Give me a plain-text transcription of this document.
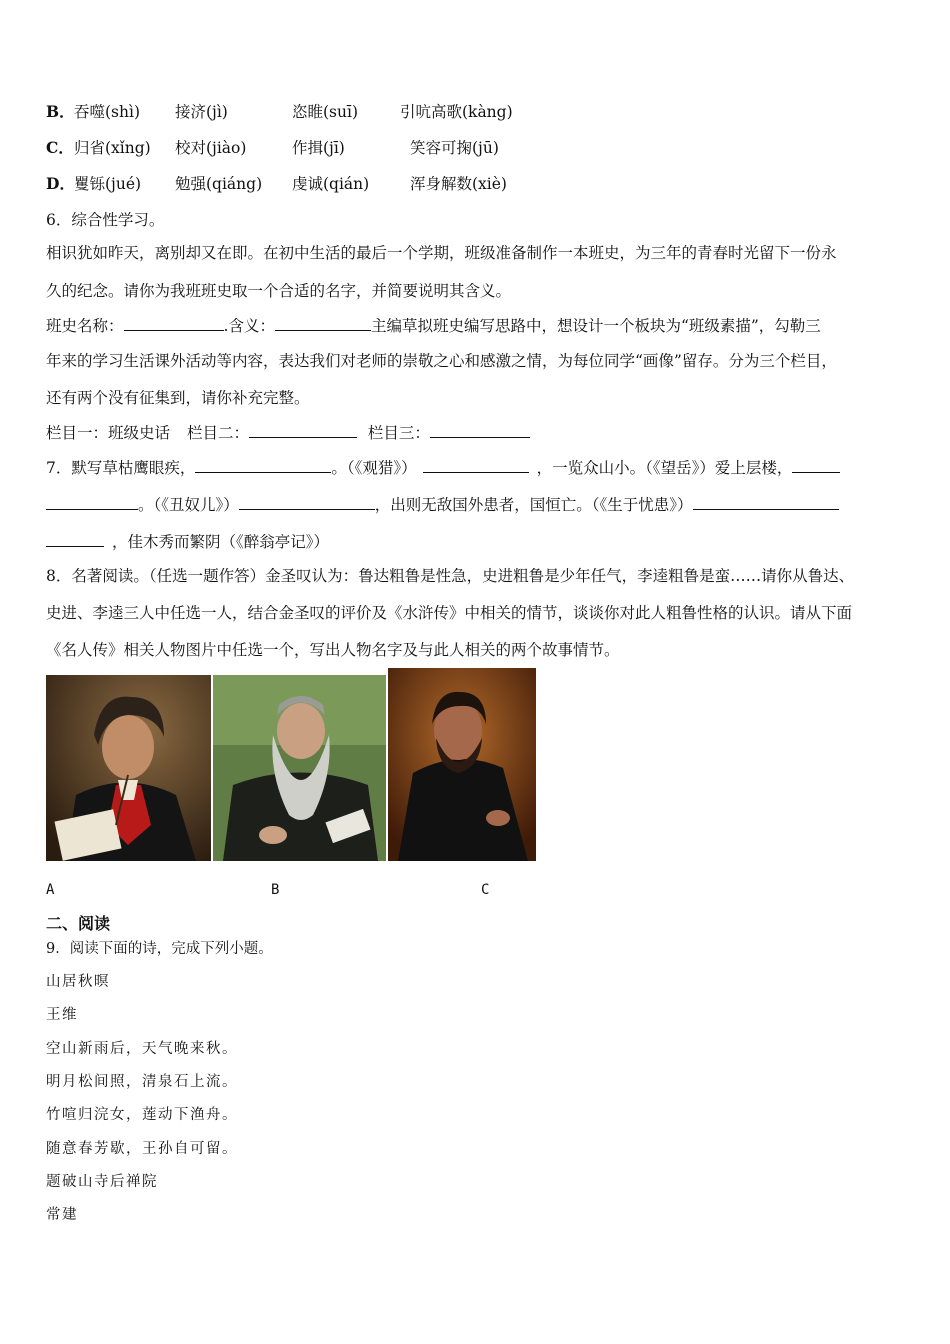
B． 吞噬(shì) 接济(jì)	恣睢(suī)	引吭高歌(kàng)
C． 归省(xǐng) 校对(jiào)	作揖(jī)	笑容可掬(jū)
D． 矍铄(jué) 勉强(qiáng) 虔诚(qián)	浑身解数(xiè)
6．综合性学习。
相识犹如昨天，离别却又在即。在初中生活的最后一个学期，班级准备制作一本班史，为三年的青春时光留下一份永
久的纪念。请你为我班班史取一个合适的名字，并简要说明其含义。
班史名称：	.含义：	主编草拟班史编写思路中，想设计一个板块为“班级素描”，勾勒三
年来的学习生活课外活动等内容，表达我们对老师的崇敬之心和感激之情，为每位同学“画像”留存。分为三个栏目，
还有两个没有征集到，请你补充完整。
栏目一：班级史话 栏目二：	栏目三：
7．默写草枯鹰眼疾，	。（《观猎》）	，一览众山小。（《望岳》）爱上层楼，
。（《丑奴儿》）	，出则无敌国外患者，国恒亡。（《生于忧患》）
，佳木秀而繁阴（《醉翁亭记》）
8．名著阅读。（任选一题作答）金圣叹认为：鲁达粗鲁是性急，史进粗鲁是少年任气，李逵粗鲁是蛮……请你从鲁达、
史进、李逵三人中任选一人，结合金圣叹的评价及《水浒传》中相关的情节，谈谈你对此人粗鲁性格的认识。请从下面
《名人传》相关人物图片中任选一个，写出人物名字及与此人相关的两个故事情节。
A	B	C
二、阅读
9．阅读下面的诗，完成下列小题。
山居秋暝
王维
空山新雨后，天气晚来秋。
明月松间照，清泉石上流。
竹喧归浣女，莲动下渔舟。
随意春芳歇，王孙自可留。
题破山寺后禅院
常建
